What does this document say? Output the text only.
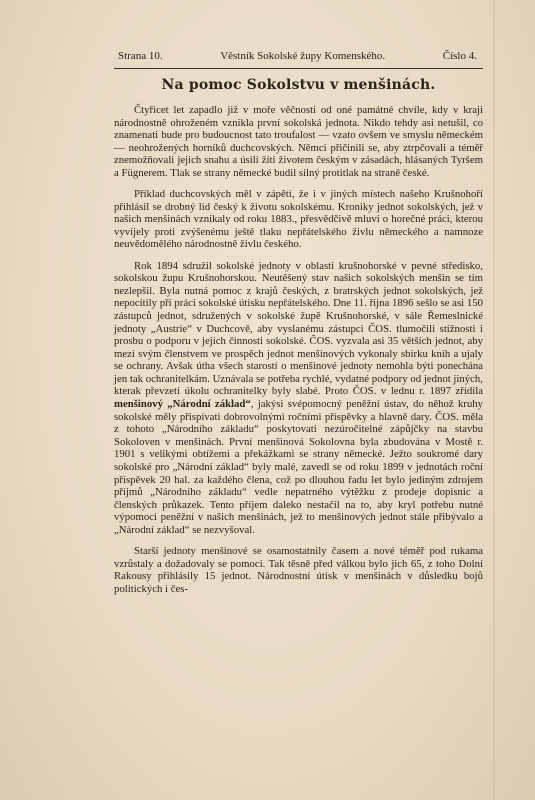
Strana 10.	Věstník Sokolské župy Komenského.	Číslo 4.
Na pomoc Sokolstvu v menšinách.

Čtyřicet let zapadlo již v moře věčnosti od oné památné chvíle, kdy v kraji národnostně ohroženém vznikla první sokolská jednota. Nikdo tehdy asi netušil, co znamenati bude pro budoucnost tato troufalost — vzato ovšem ve smyslu německém — neohrožených horníků duchcovských. Němci přičinili se, aby ztrpčovali a téměř znemožňovali jejich snahu a úsilí žíti životem českým v zásadách, hlásaných Tyršem a Fügnerem. Tlak se strany německé budil silný protitlak na straně české.

Příklad duchcovských měl v zápětí, že i v jiných místech našeho Krušnohoří přihlásil se drobný lid český k životu sokolskému. Kroniky jednot sokolských, jež v našich menšinách vznikaly od roku 1883., přesvědčivě mluví o horečné práci, kterou vyvíjely proti zvýšenému ještě tlaku nepřátelského živlu německého a namnoze neuvědomělého národnostně živlu českého.

Rok 1894 sdružil sokolské jednoty v oblasti krušnohorské v pevné středisko, sokolskou župu Krušnohorskou. Neutěšený stav našich sokolských menšin se tím nezlepšil. Byla nutná pomoc z krajů českých, z bratrských jednot sokolských, jež nepocítily při práci sokolské útisku nepřátelského. Dne 11. října 1896 sešlo se asi 150 zástupců jednot, sdružených v sokolské župě Krušnohorské, v sále Řemeslnické jednoty „Austrie“ v Duchcově, aby vyslanému zástupci ČOS. tlumočili stížnosti i prosbu o podporu v jejich činnosti sokolské. ČOS. vyzvala asi 35 větších jednot, aby mezi svým členstvem ve prospěch jednot menšinových vykonaly sbírku knih a ujaly se ochrany. Avšak útha všech starostí o menšinové jednoty nemohla býti ponechána jen tak ochranitelkám. Uznávala se potřeba rychlé, vydatné podpory od jednot jiných, kterak převzetí úkolu ochranitelky byly slabé. Proto ČOS. v lednu r. 1897 zřídila menšinový „Národní základ“, jakýsi svépomocný peněžní ústav, do něhož kruhy sokolské měly přispívati dobrovolnými ročními příspěvky a hlavně dary. ČOS. měla z tohoto „Národního základu“ poskytovati nezúročitelné zápůjčky na stavbu Sokoloven v menšinách. První menšinová Sokolovna byla zbudována v Mostě r. 1901 s velikými obtížemi a překážkami se strany německé. Ježto soukromé dary sokolské pro „Národní základ“ byly malé, zavedl se od roku 1899 v jednotách roční příspěvek 20 hal. za každého člena, což po dlouhou řadu let bylo jediným zdrojem příjmů „Národního základu“ vedle nepatrného výtěžku z prodeje dopisnic a členských průkazek. Tento příjem daleko nestačil na to, aby kryl potřebu nutné výpomoci peněžní v našich menšinách, jež to menšinových jednot stále přibývalo a „Národní základ“ se nezvyšoval.

Starší jednoty menšinové se osamostatnily časem a nové téměř pod rukama vzrůstaly a dožadovaly se pomoci. Tak těsně před válkou bylo jich 65, z toho Dolní Rakousy přihlásily 15 jednot. Národnostní útisk v menšinách v důsledku bojů politických i čes-
